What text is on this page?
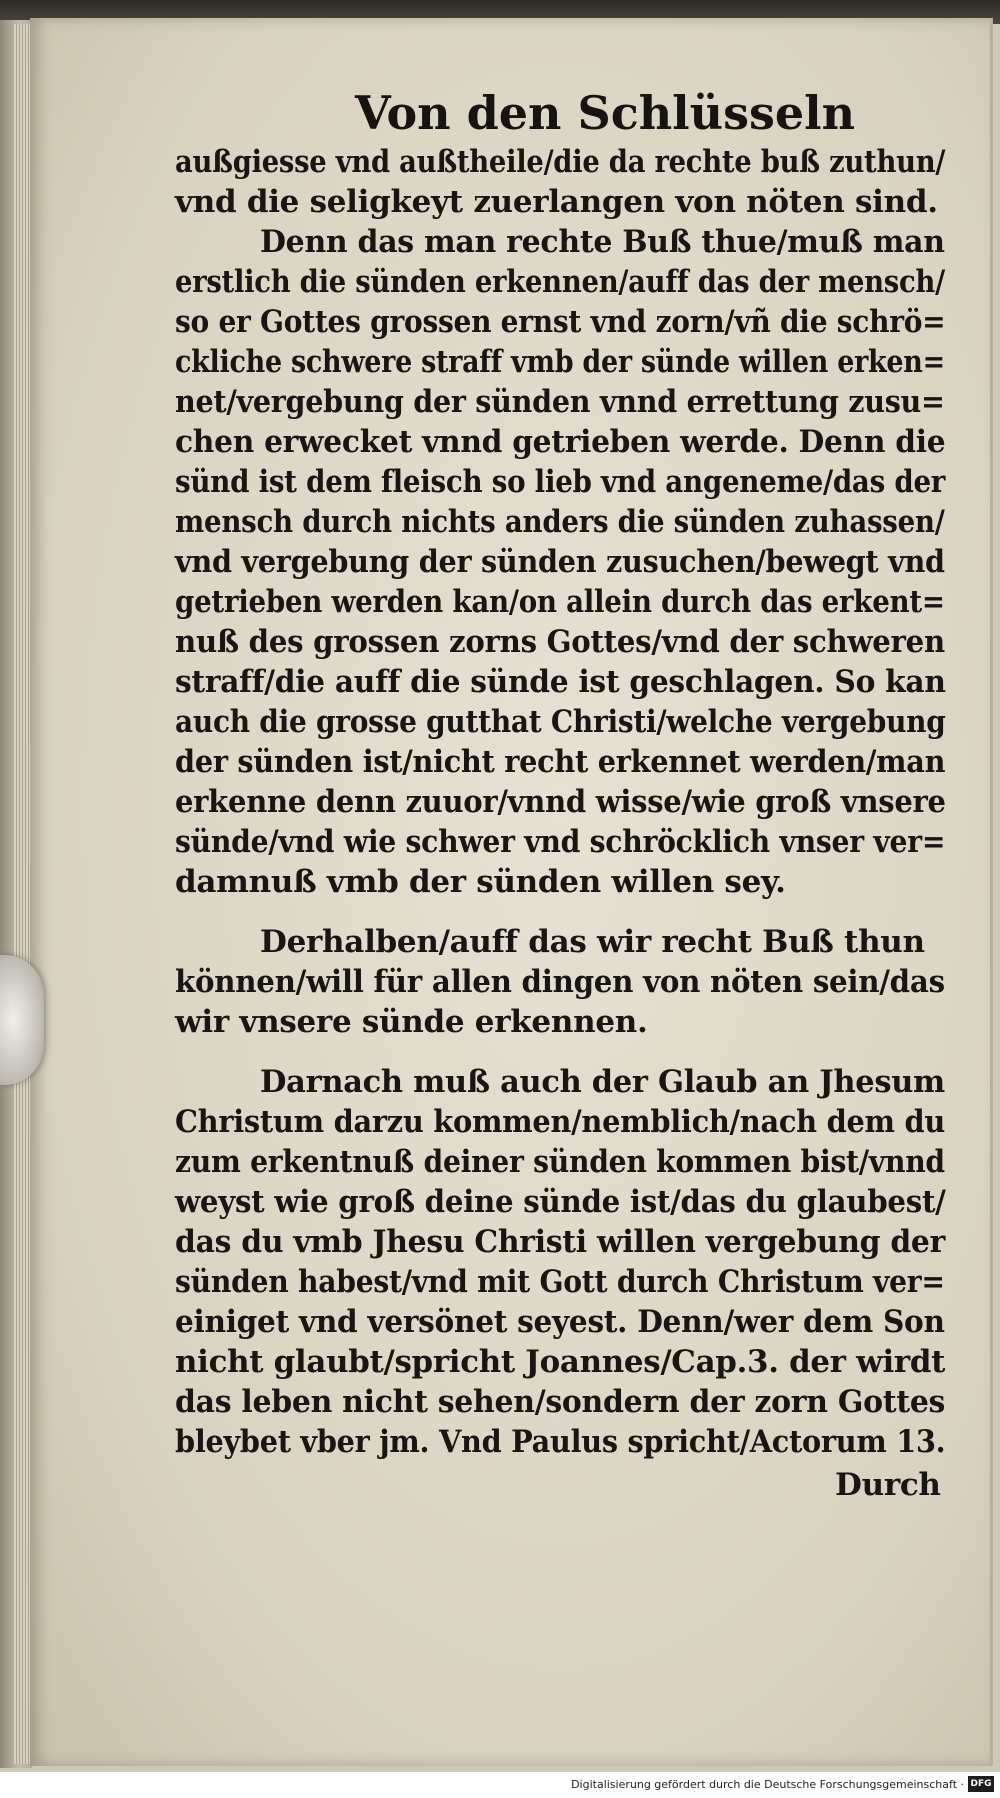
Von den Schlüsseln
außgiesse vnd außtheile/die da rechte buß zuthun/
vnd die seligkeyt zuerlangen von nöten sind.
Denn das man rechte Buß thue/muß man
erstlich die sünden erkennen/auff das der mensch/
so er Gottes grossen ernst vnd zorn/vñ die schrö=
ckliche schwere straff vmb der sünde willen erken=
net/vergebung der sünden vnnd errettung zusu=
chen erwecket vnnd getrieben werde. Denn die
sünd ist dem fleisch so lieb vnd angeneme/das der
mensch durch nichts anders die sünden zuhassen/
vnd vergebung der sünden zusuchen/bewegt vnd
getrieben werden kan/on allein durch das erkent=
nuß des grossen zorns Gottes/vnd der schweren
straff/die auff die sünde ist geschlagen. So kan
auch die grosse gutthat Christi/welche vergebung
der sünden ist/nicht recht erkennet werden/man
erkenne denn zuuor/vnnd wisse/wie groß vnsere
sünde/vnd wie schwer vnd schröcklich vnser ver=
damnuß vmb der sünden willen sey.
Derhalben/auff das wir recht Buß thun
können/will für allen dingen von nöten sein/das
wir vnsere sünde erkennen.
Darnach muß auch der Glaub an Jhesum
Christum darzu kommen/nemblich/nach dem du
zum erkentnuß deiner sünden kommen bist/vnnd
weyst wie groß deine sünde ist/das du glaubest/
das du vmb Jhesu Christi willen vergebung der
sünden habest/vnd mit Gott durch Christum ver=
einiget vnd versönet seyest. Denn/wer dem Son
nicht glaubt/spricht Joannes/Cap.3. der wirdt
das leben nicht sehen/sondern der zorn Gottes
bleybet vber jm. Vnd Paulus spricht/Actorum 13.
Durch
Digitalisierung gefördert durch die Deutsche Forschungsgemeinschaft · DFG
